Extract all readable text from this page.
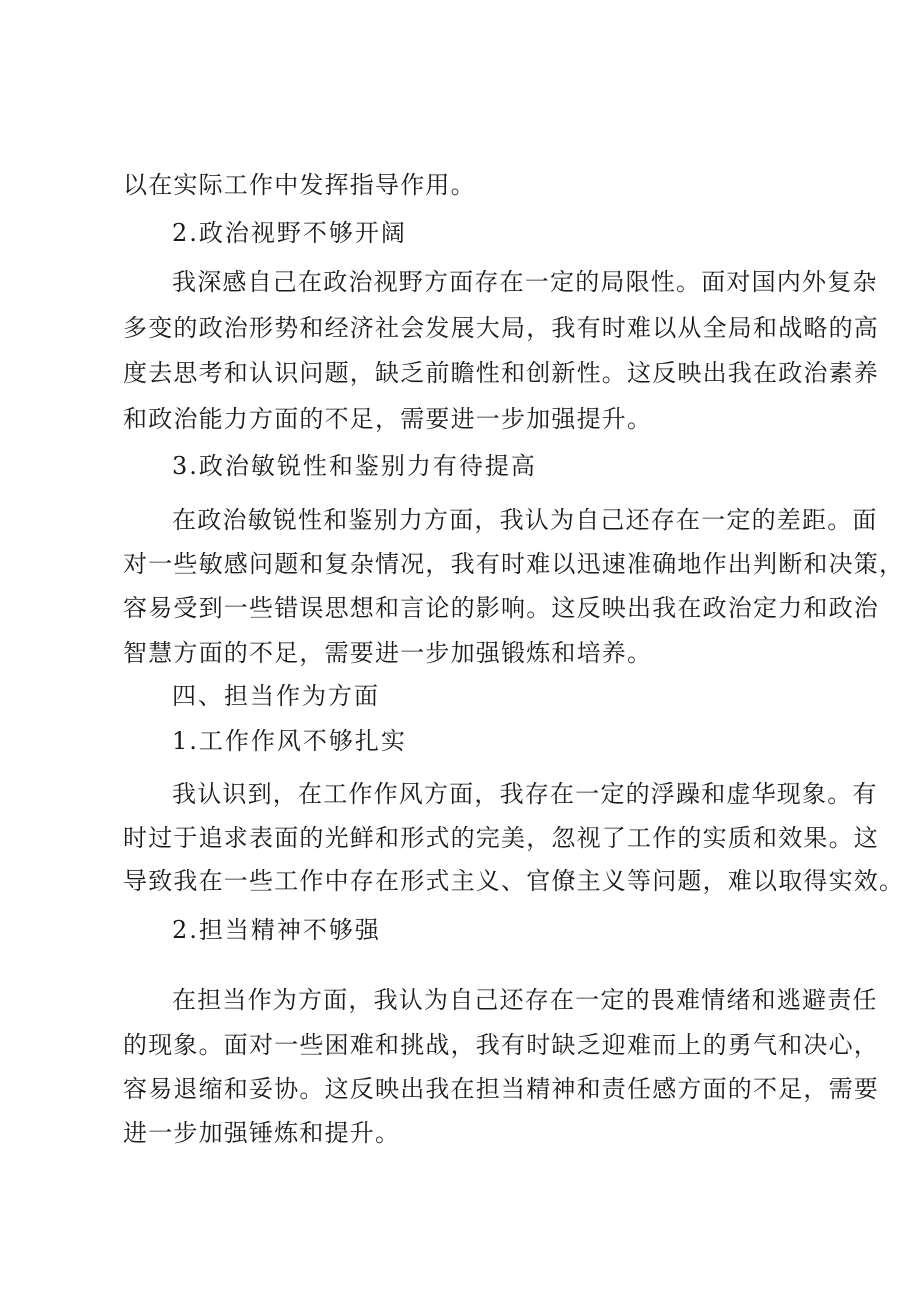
以在实际工作中发挥指导作用。
2.政治视野不够开阔
我深感自己在政治视野方面存在一定的局限性。面对国内外复杂
多变的政治形势和经济社会发展大局，我有时难以从全局和战略的高
度去思考和认识问题，缺乏前瞻性和创新性。这反映出我在政治素养
和政治能力方面的不足，需要进一步加强提升。
3.政治敏锐性和鉴别力有待提高
在政治敏锐性和鉴别力方面，我认为自己还存在一定的差距。面
对一些敏感问题和复杂情况，我有时难以迅速准确地作出判断和决策，
容易受到一些错误思想和言论的影响。这反映出我在政治定力和政治
智慧方面的不足，需要进一步加强锻炼和培养。
四、担当作为方面
1.工作作风不够扎实
我认识到，在工作作风方面，我存在一定的浮躁和虚华现象。有
时过于追求表面的光鲜和形式的完美，忽视了工作的实质和效果。这
导致我在一些工作中存在形式主义、官僚主义等问题，难以取得实效。
2.担当精神不够强
在担当作为方面，我认为自己还存在一定的畏难情绪和逃避责任
的现象。面对一些困难和挑战，我有时缺乏迎难而上的勇气和决心，
容易退缩和妥协。这反映出我在担当精神和责任感方面的不足，需要
进一步加强锤炼和提升。
